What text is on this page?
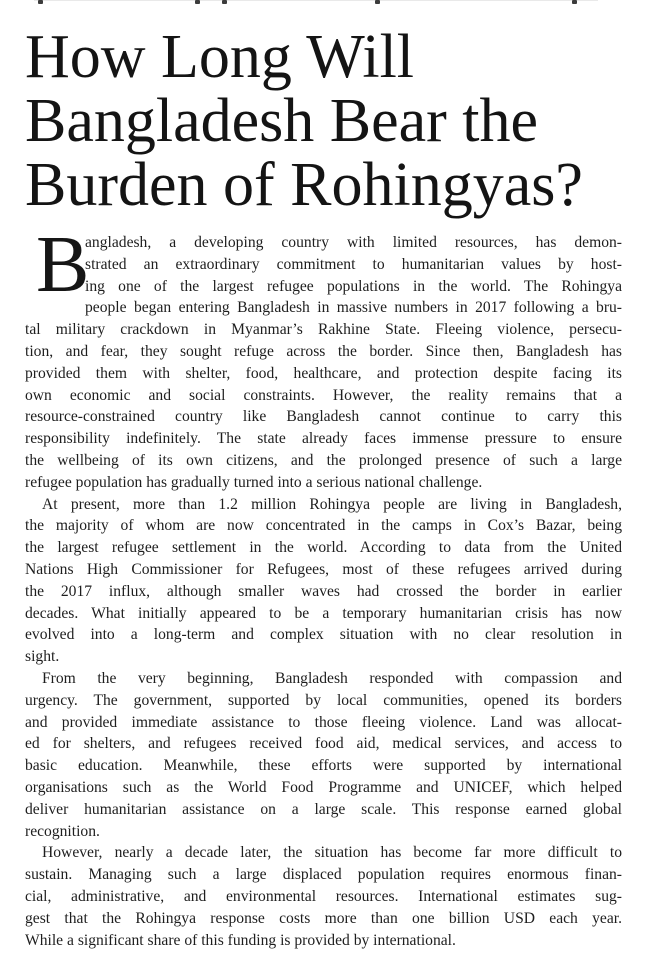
How Long Will
Bangladesh Bear the
Burden of Rohingyas?
B
angladesh, a developing country with limited resources, has demon-
strated an extraordinary commitment to humanitarian values by host-
ing one of the largest refugee populations in the world. The Rohingya
people began entering Bangladesh in massive numbers in 2017 following a bru-
tal military crackdown in Myanmar’s Rakhine State. Fleeing violence, persecu-
tion, and fear, they sought refuge across the border. Since then, Bangladesh has
provided them with shelter, food, healthcare, and protection despite facing its
own economic and social constraints. However, the reality remains that a
resource-constrained country like Bangladesh cannot continue to carry this
responsibility indefinitely. The state already faces immense pressure to ensure
the wellbeing of its own citizens, and the prolonged presence of such a large
refugee population has gradually turned into a serious national challenge.
At present, more than 1.2 million Rohingya people are living in Bangladesh,
the majority of whom are now concentrated in the camps in Cox’s Bazar, being
the largest refugee settlement in the world. According to data from the United
Nations High Commissioner for Refugees, most of these refugees arrived during
the 2017 influx, although smaller waves had crossed the border in earlier
decades. What initially appeared to be a temporary humanitarian crisis has now
evolved into a long-term and complex situation with no clear resolution in
sight.
From the very beginning, Bangladesh responded with compassion and
urgency. The government, supported by local communities, opened its borders
and provided immediate assistance to those fleeing violence. Land was allocat-
ed for shelters, and refugees received food aid, medical services, and access to
basic education. Meanwhile, these efforts were supported by international
organisations such as the World Food Programme and UNICEF, which helped
deliver humanitarian assistance on a large scale. This response earned global
recognition.
However, nearly a decade later, the situation has become far more difficult to
sustain. Managing such a large displaced population requires enormous finan-
cial, administrative, and environmental resources. International estimates sug-
gest that the Rohingya response costs more than one billion USD each year.
While a significant share of this funding is provided by international.
